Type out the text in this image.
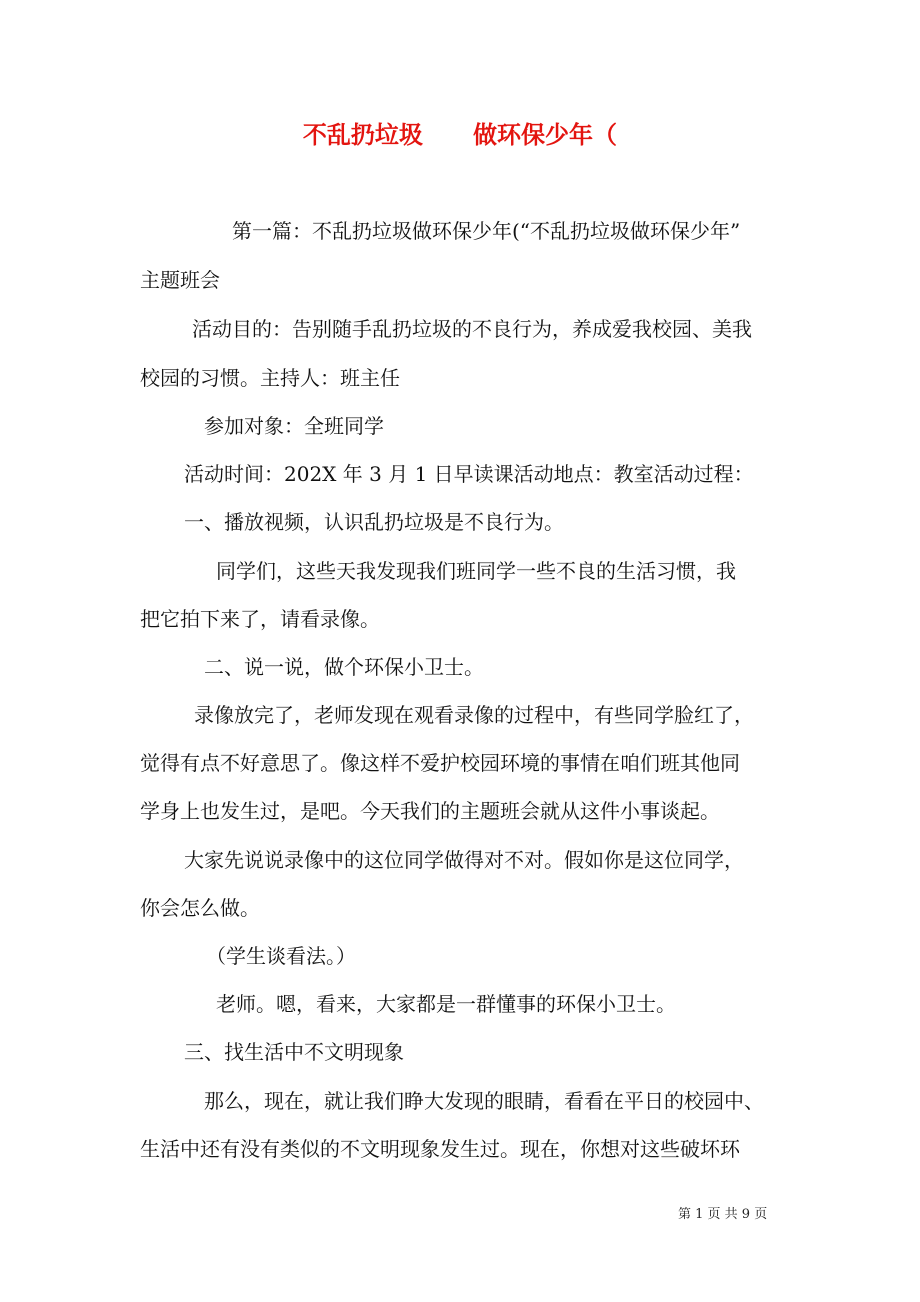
不乱扔垃圾      做环保少年（

第一篇：不乱扔垃圾做环保少年(“不乱扔垃圾做环保少年”

主题班会

活动目的：告别随手乱扔垃圾的不良行为，养成爱我校园、美我

校园的习惯。主持人：班主任

参加对象：全班同学

活动时间：202X 年 3 月 1 日早读课活动地点：教室活动过程：

一、播放视频，认识乱扔垃圾是不良行为。

同学们，这些天我发现我们班同学一些不良的生活习惯，我

把它拍下来了，请看录像。

二、说一说，做个环保小卫士。

录像放完了，老师发现在观看录像的过程中，有些同学脸红了，

觉得有点不好意思了。像这样不爱护校园环境的事情在咱们班其他同

学身上也发生过，是吧。今天我们的主题班会就从这件小事谈起。

大家先说说录像中的这位同学做得对不对。假如你是这位同学，

你会怎么做。

（学生谈看法。）

老师。嗯，看来，大家都是一群懂事的环保小卫士。

三、找生活中不文明现象

那么，现在，就让我们睁大发现的眼睛，看看在平日的校园中、

生活中还有没有类似的不文明现象发生过。现在，你想对这些破坏环

第 1 页 共 9 页
